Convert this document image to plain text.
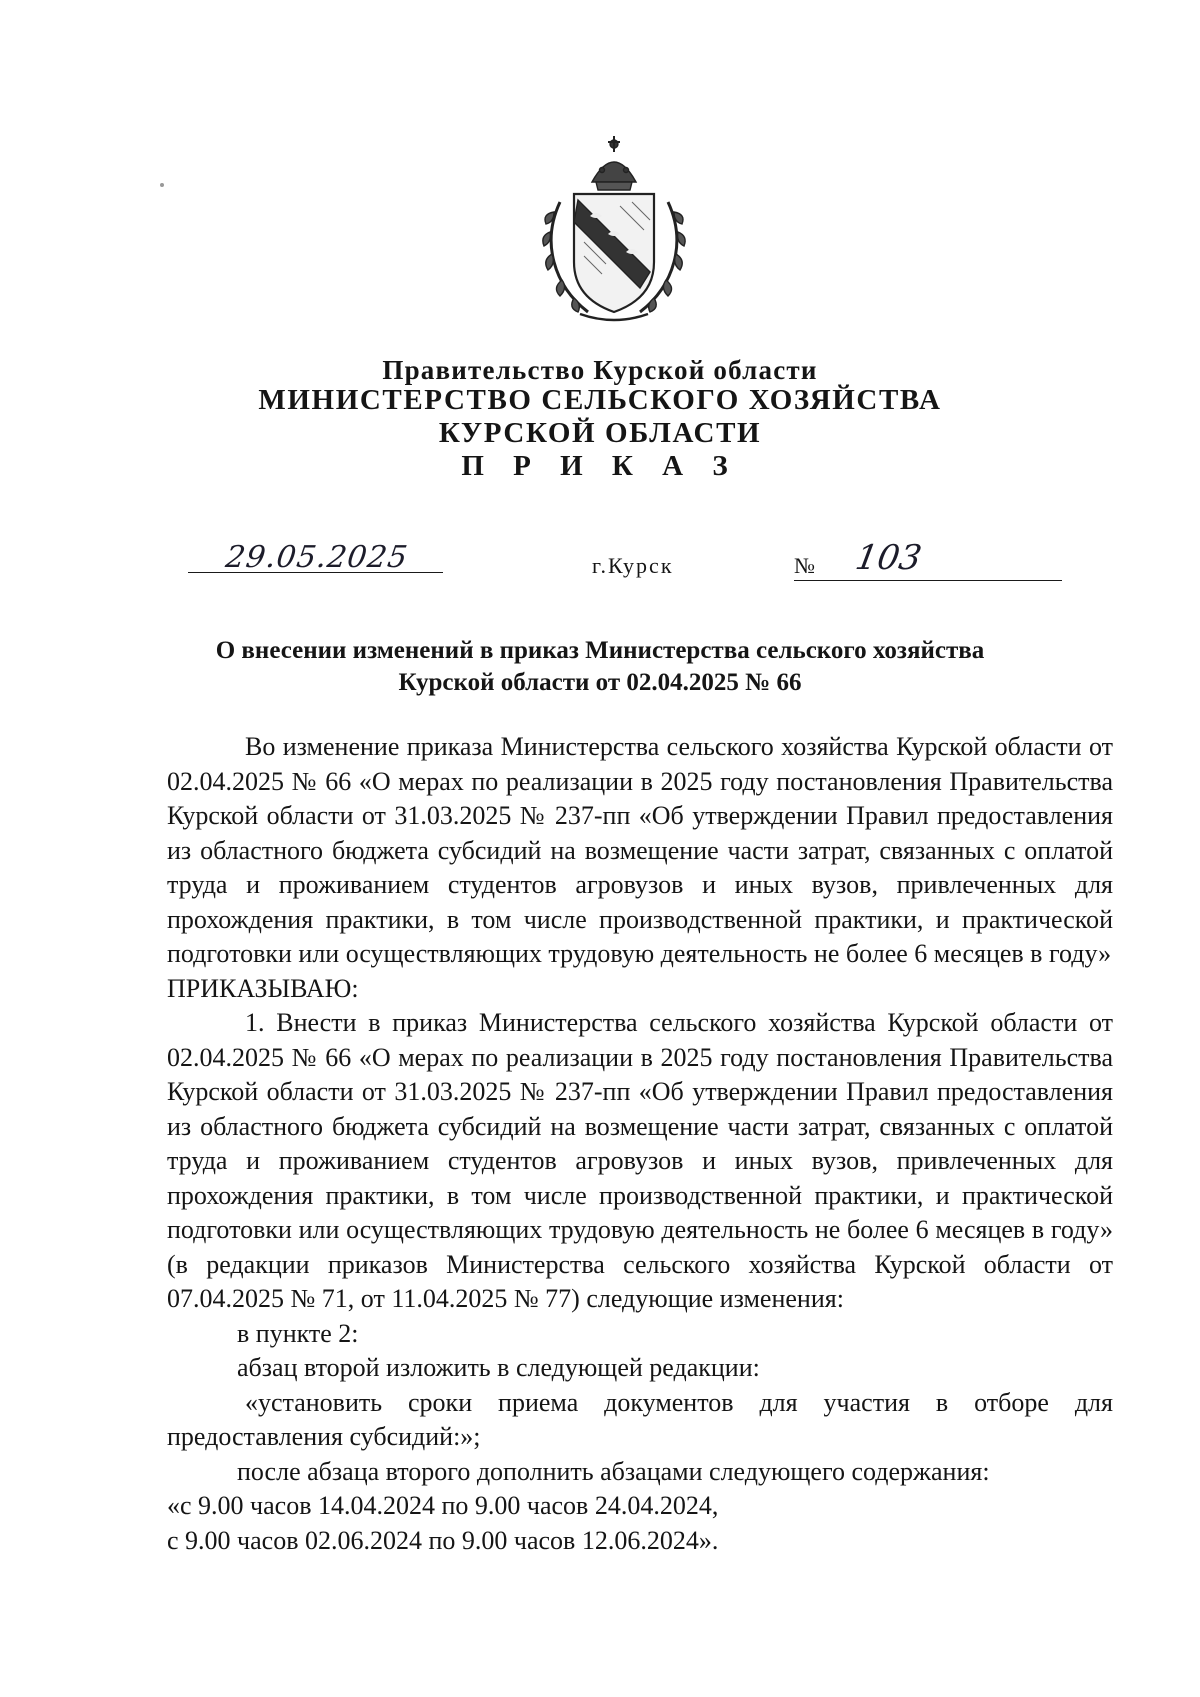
Правительство Курской области
МИНИСТЕРСТВО СЕЛЬСКОГО ХОЗЯЙСТВА
КУРСКОЙ ОБЛАСТИ
П Р И К А З
29.05.2025	г.Курск	№ 103
О внесении изменений в приказ Министерства сельского хозяйства
Курской области от 02.04.2025 № 66

Во изменение приказа Министерства сельского хозяйства Курской области от 02.04.2025 № 66 «О мерах по реализации в 2025 году постановления Правительства Курской области от 31.03.2025 № 237-пп «Об утверждении Правил предоставления из областного бюджета субсидий на возмещение части затрат, связанных с оплатой труда и проживанием студентов агровузов и иных вузов, привлеченных для прохождения практики, в том числе производственной практики, и практической подготовки или осуществляющих трудовую деятельность не более 6 месяцев в году»

ПРИКАЗЫВАЮ:

1. Внести в приказ Министерства сельского хозяйства Курской области от 02.04.2025 № 66 «О мерах по реализации в 2025 году постановления Правительства Курской области от 31.03.2025 № 237-пп «Об утверждении Правил предоставления из областного бюджета субсидий на возмещение части затрат, связанных с оплатой труда и проживанием студентов агровузов и иных вузов, привлеченных для прохождения практики, в том числе производственной практики, и практической подготовки или осуществляющих трудовую деятельность не более 6 месяцев в году» (в редакции приказов Министерства сельского хозяйства Курской области от 07.04.2025 № 71, от 11.04.2025 № 77) следующие изменения:

в пункте 2:

абзац второй изложить в следующей редакции:

«установить сроки приема документов для участия в отборе для предоставления субсидий:»;

после абзаца второго дополнить абзацами следующего содержания:

«с 9.00 часов 14.04.2024 по 9.00 часов 24.04.2024,

с 9.00 часов 02.06.2024 по 9.00 часов 12.06.2024».
